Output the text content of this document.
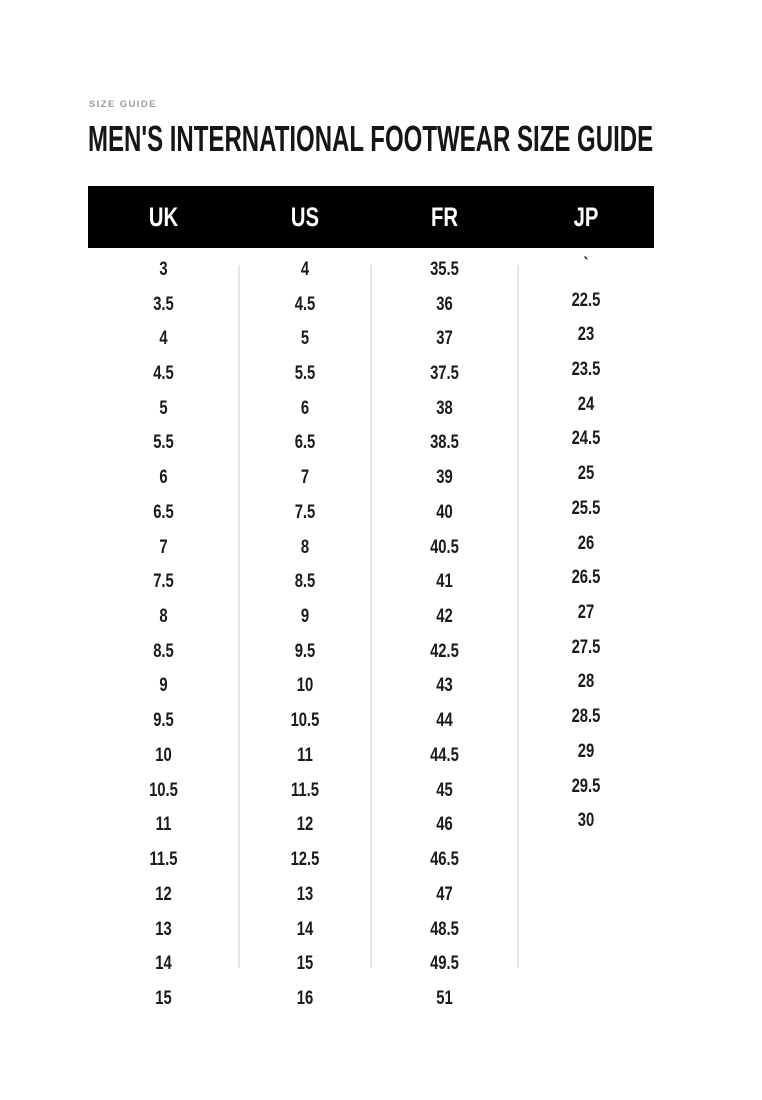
SIZE GUIDE
MEN'S INTERNATIONAL FOOTWEAR SIZE GUIDE
UK	US	FR	JP
3	4	35.5	`
3.5	4.5	36	22.5
4	5	37	23
4.5	5.5	37.5	23.5
5	6	38	24
5.5	6.5	38.5	24.5
6	7	39	25
6.5	7.5	40	25.5
7	8	40.5	26
7.5	8.5	41	26.5
8	9	42	27
8.5	9.5	42.5	27.5
9	10	43	28
9.5	10.5	44	28.5
10	11	44.5	29
10.5	11.5	45	29.5
11	12	46	30
11.5	12.5	46.5
12	13	47
13	14	48.5
14	15	49.5
15	16	51
